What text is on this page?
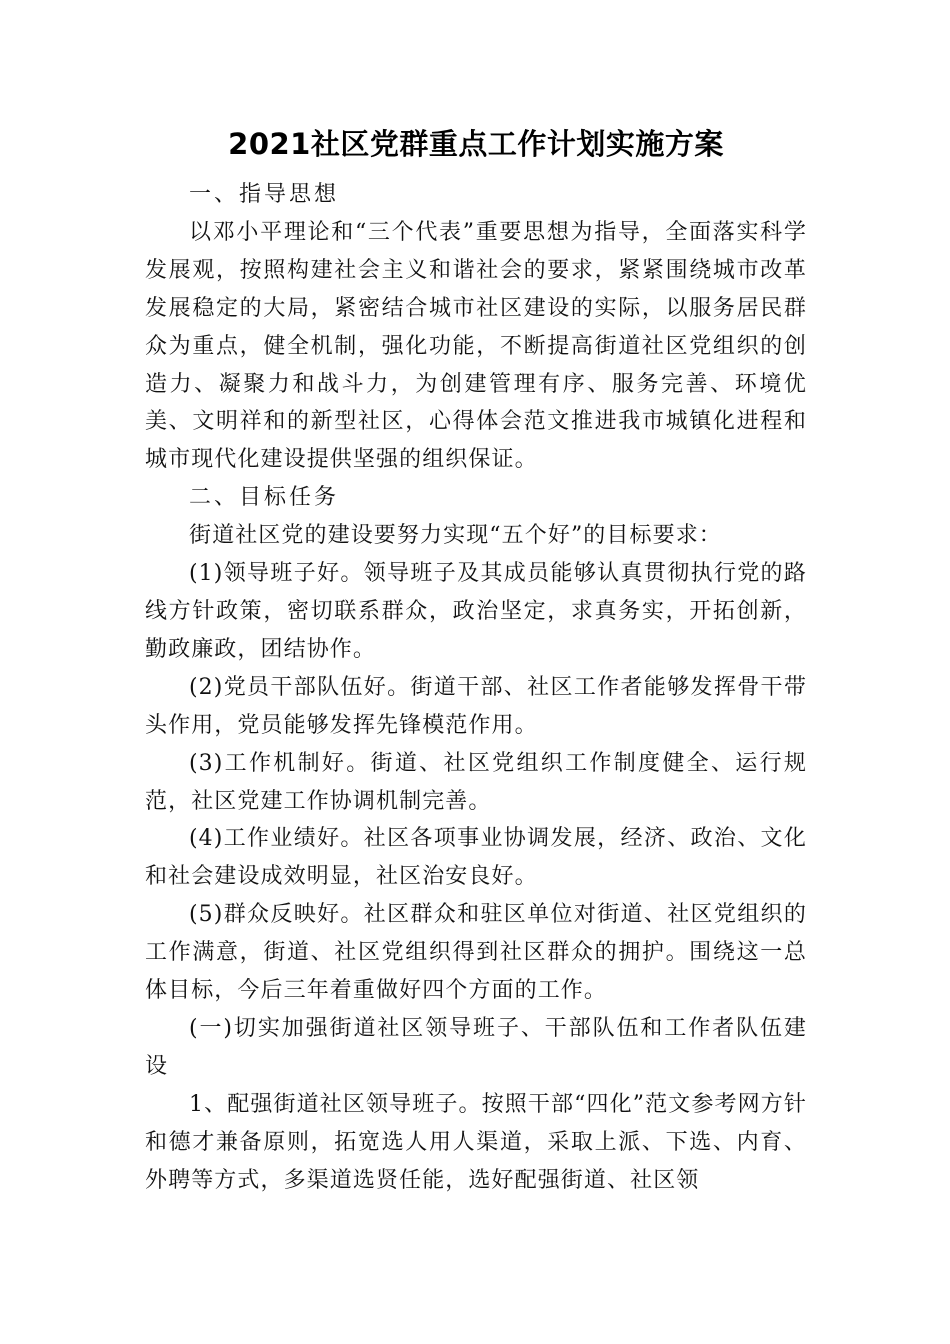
2021社区党群重点工作计划实施方案

一、指导思想

以邓小平理论和“三个代表”重要思想为指导，全面落实科学发展观，按照构建社会主义和谐社会的要求，紧紧围绕城市改革发展稳定的大局，紧密结合城市社区建设的实际，以服务居民群众为重点，健全机制，强化功能，不断提高街道社区党组织的创造力、凝聚力和战斗力，为创建管理有序、服务完善、环境优美、文明祥和的新型社区，心得体会范文推进我市城镇化进程和城市现代化建设提供坚强的组织保证。

二、目标任务

街道社区党的建设要努力实现“五个好”的目标要求：

(1)领导班子好。领导班子及其成员能够认真贯彻执行党的路线方针政策，密切联系群众，政治坚定，求真务实，开拓创新，勤政廉政，团结协作。

(2)党员干部队伍好。街道干部、社区工作者能够发挥骨干带头作用，党员能够发挥先锋模范作用。

(3)工作机制好。街道、社区党组织工作制度健全、运行规范，社区党建工作协调机制完善。

(4)工作业绩好。社区各项事业协调发展，经济、政治、文化和社会建设成效明显，社区治安良好。

(5)群众反映好。社区群众和驻区单位对街道、社区党组织的工作满意，街道、社区党组织得到社区群众的拥护。围绕这一总体目标，今后三年着重做好四个方面的工作。

(一)切实加强街道社区领导班子、干部队伍和工作者队伍建设

1、配强街道社区领导班子。按照干部“四化”范文参考网方针和德才兼备原则，拓宽选人用人渠道，采取上派、下选、内育、外聘等方式，多渠道选贤任能，选好配强街道、社区领
